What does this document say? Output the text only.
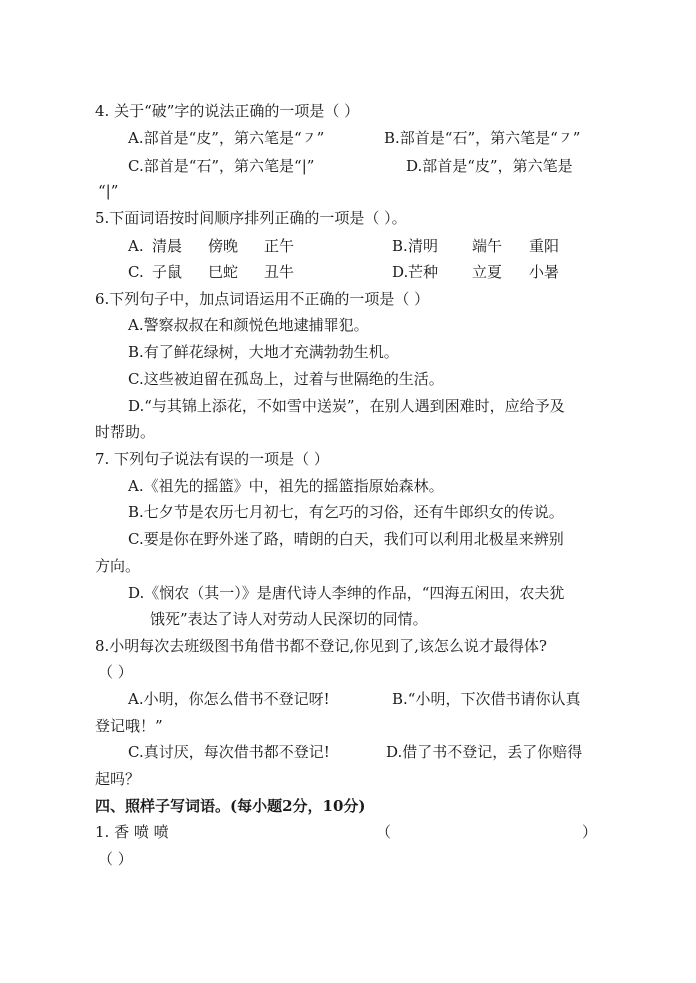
4. 关于“破”字的说法正确的一项是（ ）
A.部首是“皮”，第六笔是“㇇”	B.部首是“石”，第六笔是“㇇”
C.部首是“石”，第六笔是“|”	D.部首是“皮”，第六笔是
“|”
5.下面词语按时间顺序排列正确的一项是（ ）。
A. 清晨 傍晚 正午	B. 清明 端午 重阳
C. 子鼠 巳蛇 丑牛	D. 芒种 立夏 小暑
6.下列句子中，加点词语运用不正确的一项是（ ）
A.警察叔叔在和颜悦色地逮捕罪犯。
B.有了鲜花绿树，大地才充满勃勃生机。
C.这些被迫留在孤岛上，过着与世隔绝的生活。
D.“与其锦上添花，不如雪中送炭”，在别人遇到困难时，应给予及
时帮助。
7. 下列句子说法有误的一项是（ ）
A.《祖先的摇篮》中，祖先的摇篮指原始森林。
B.七夕节是农历七月初七，有乞巧的习俗，还有牛郎织女的传说。
C.要是你在野外迷了路，晴朗的白天，我们可以利用北极星来辨别
方向。
D.《悯农（其一）》是唐代诗人李绅的作品，“四海五闲田，农夫犹
饿死”表达了诗人对劳动人民深切的同情。
8.小明每次去班级图书角借书都不登记,你见到了,该怎么说才最得体?
（ ）
A.小明，你怎么借书不登记呀!	B.“小明，下次借书请你认真
登记哦！”
C.真讨厌，每次借书都不登记!	D.借了书不登记，丢了你赔得
起吗？
四、照样子写词语。(每小题2分，10分)
1. 香 喷 喷	（	）
（ ）
